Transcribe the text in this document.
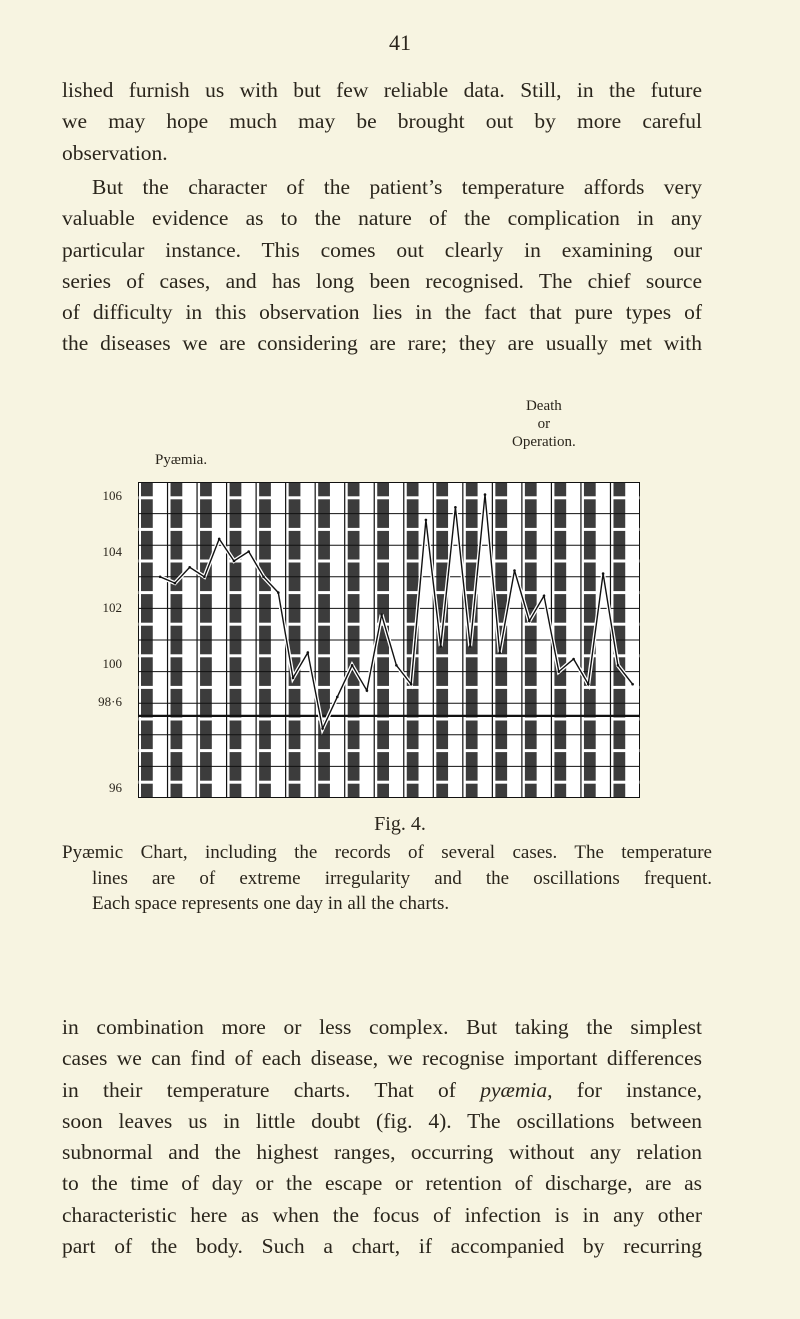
41

lished furnish us with but few reliable data. Still, in the future
we may hope much may be brought out by more careful
observation.

But the character of the patient’s temperature affords very
valuable evidence as to the nature of the complication in any
particular instance. This comes out clearly in examining our
series of cases, and has long been recognised. The chief source
of difficulty in this observation lies in the fact that pure types of
the diseases we are considering are rare; they are usually met with

Pyæmia.
Death
or
Operation.
106
104
102
100
98·6
96
Fig. 4.
Pyæmic Chart, including the records of several cases. The temperature
lines are of extreme irregularity and the oscillations frequent.
Each space represents one day in all the charts.

in combination more or less complex. But taking the simplest
cases we can find of each disease, we recognise important differences
in their temperature charts. That of pyæmia, for instance,
soon leaves us in little doubt (fig. 4). The oscillations between
subnormal and the highest ranges, occurring without any relation
to the time of day or the escape or retention of discharge, are as
characteristic here as when the focus of infection is in any other
part of the body. Such a chart, if accompanied by recurring
